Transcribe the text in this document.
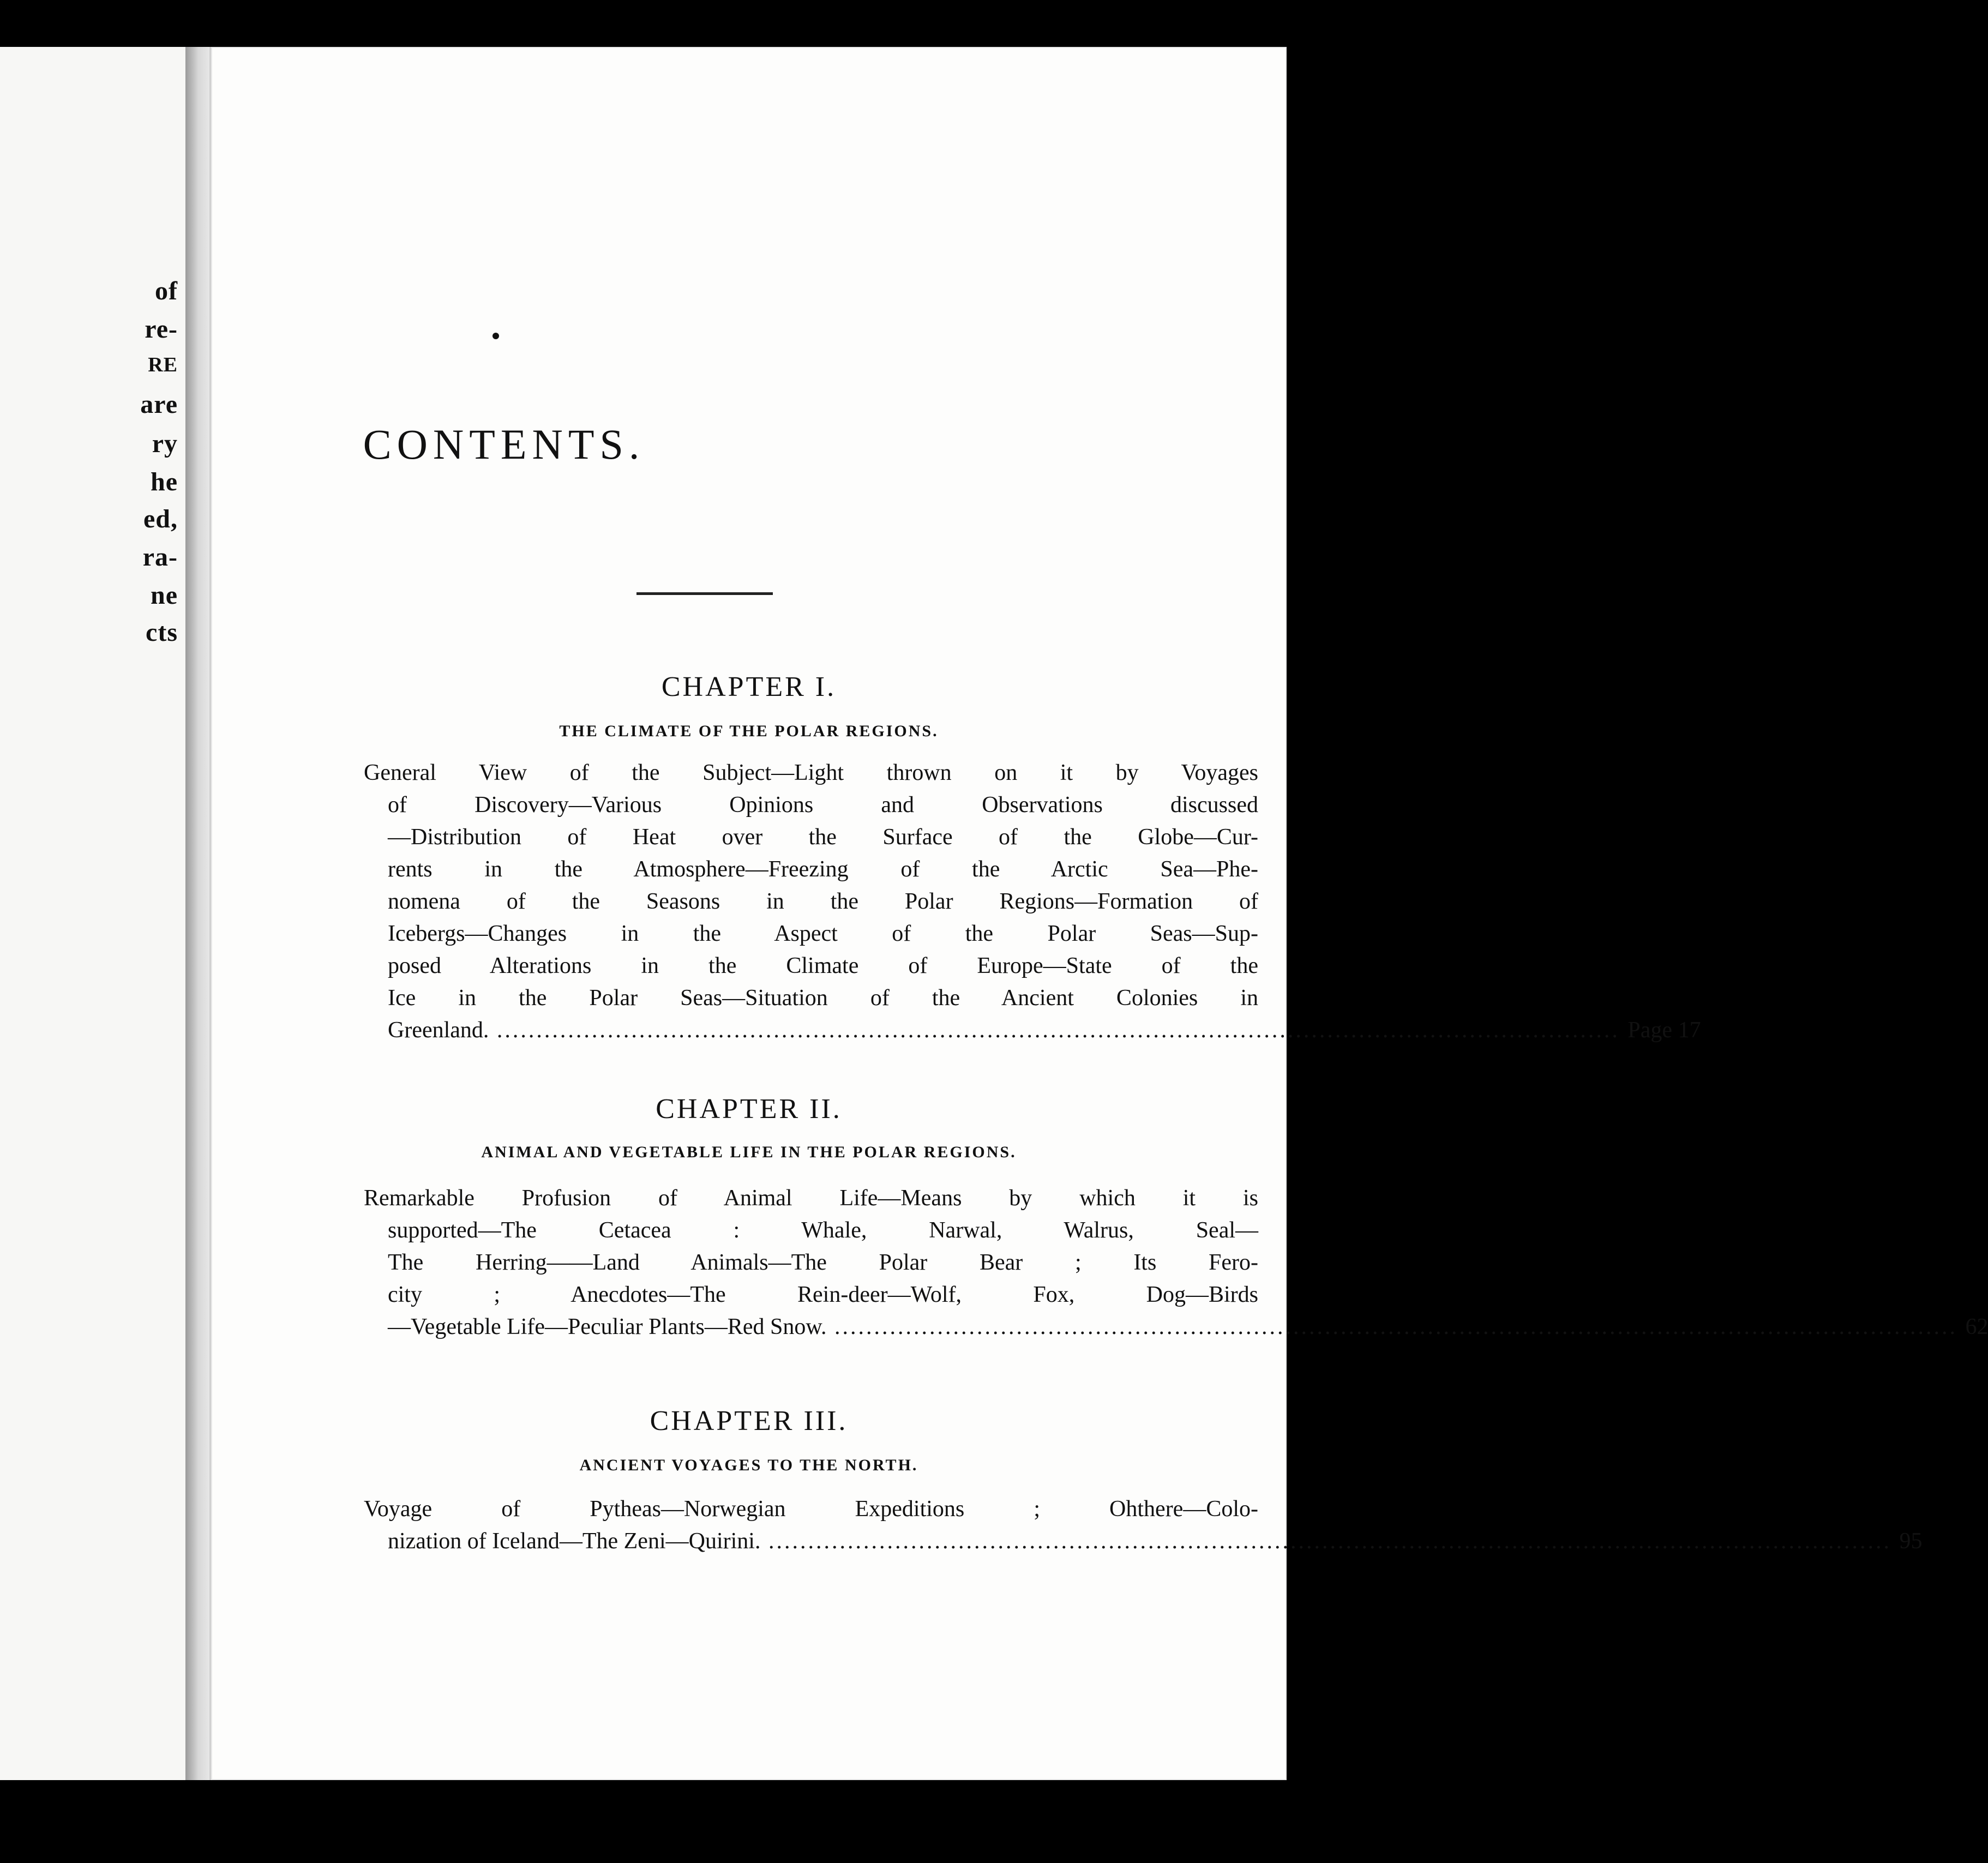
of
re-
RE
are
ry
he
ed,
ra-
ne
cts
CHAPTER I.
THE CLIMATE OF THE POLAR REGIONS.
General View of the Subject—Light thrown on it by Voyages
of Discovery—Various Opinions and Observations discussed
—Distribution of Heat over the Surface of the Globe—Cur-
rents in the Atmosphere—Freezing of the Arctic Sea—Phe-
nomena of the Seasons in the Polar Regions—Formation of
Icebergs—Changes in the Aspect of the Polar Seas—Sup-
posed Alterations in the Climate of Europe—State of the
Ice in the Polar Seas—Situation of the Ancient Colonies in
Greenland. .............................................................................................................................................. Page 17
CHAPTER II.
ANIMAL AND VEGETABLE LIFE IN THE POLAR REGIONS.
Remarkable Profusion of Animal Life—Means by which it is
supported—The Cetacea : Whale, Narwal, Walrus, Seal—
The Herring——Land Animals—The Polar Bear ; Its Fero-
city ; Anecdotes—The Rein-deer—Wolf, Fox, Dog—Birds
—Vegetable Life—Peculiar Plants—Red Snow. .............................................................................................................................................. 62
CHAPTER III.
ANCIENT VOYAGES TO THE NORTH.
Voyage of Pytheas—Norwegian Expeditions ; Ohthere—Colo-
nization of Iceland—The Zeni—Quirini. .............................................................................................................................................. 95
CONTENTS.
